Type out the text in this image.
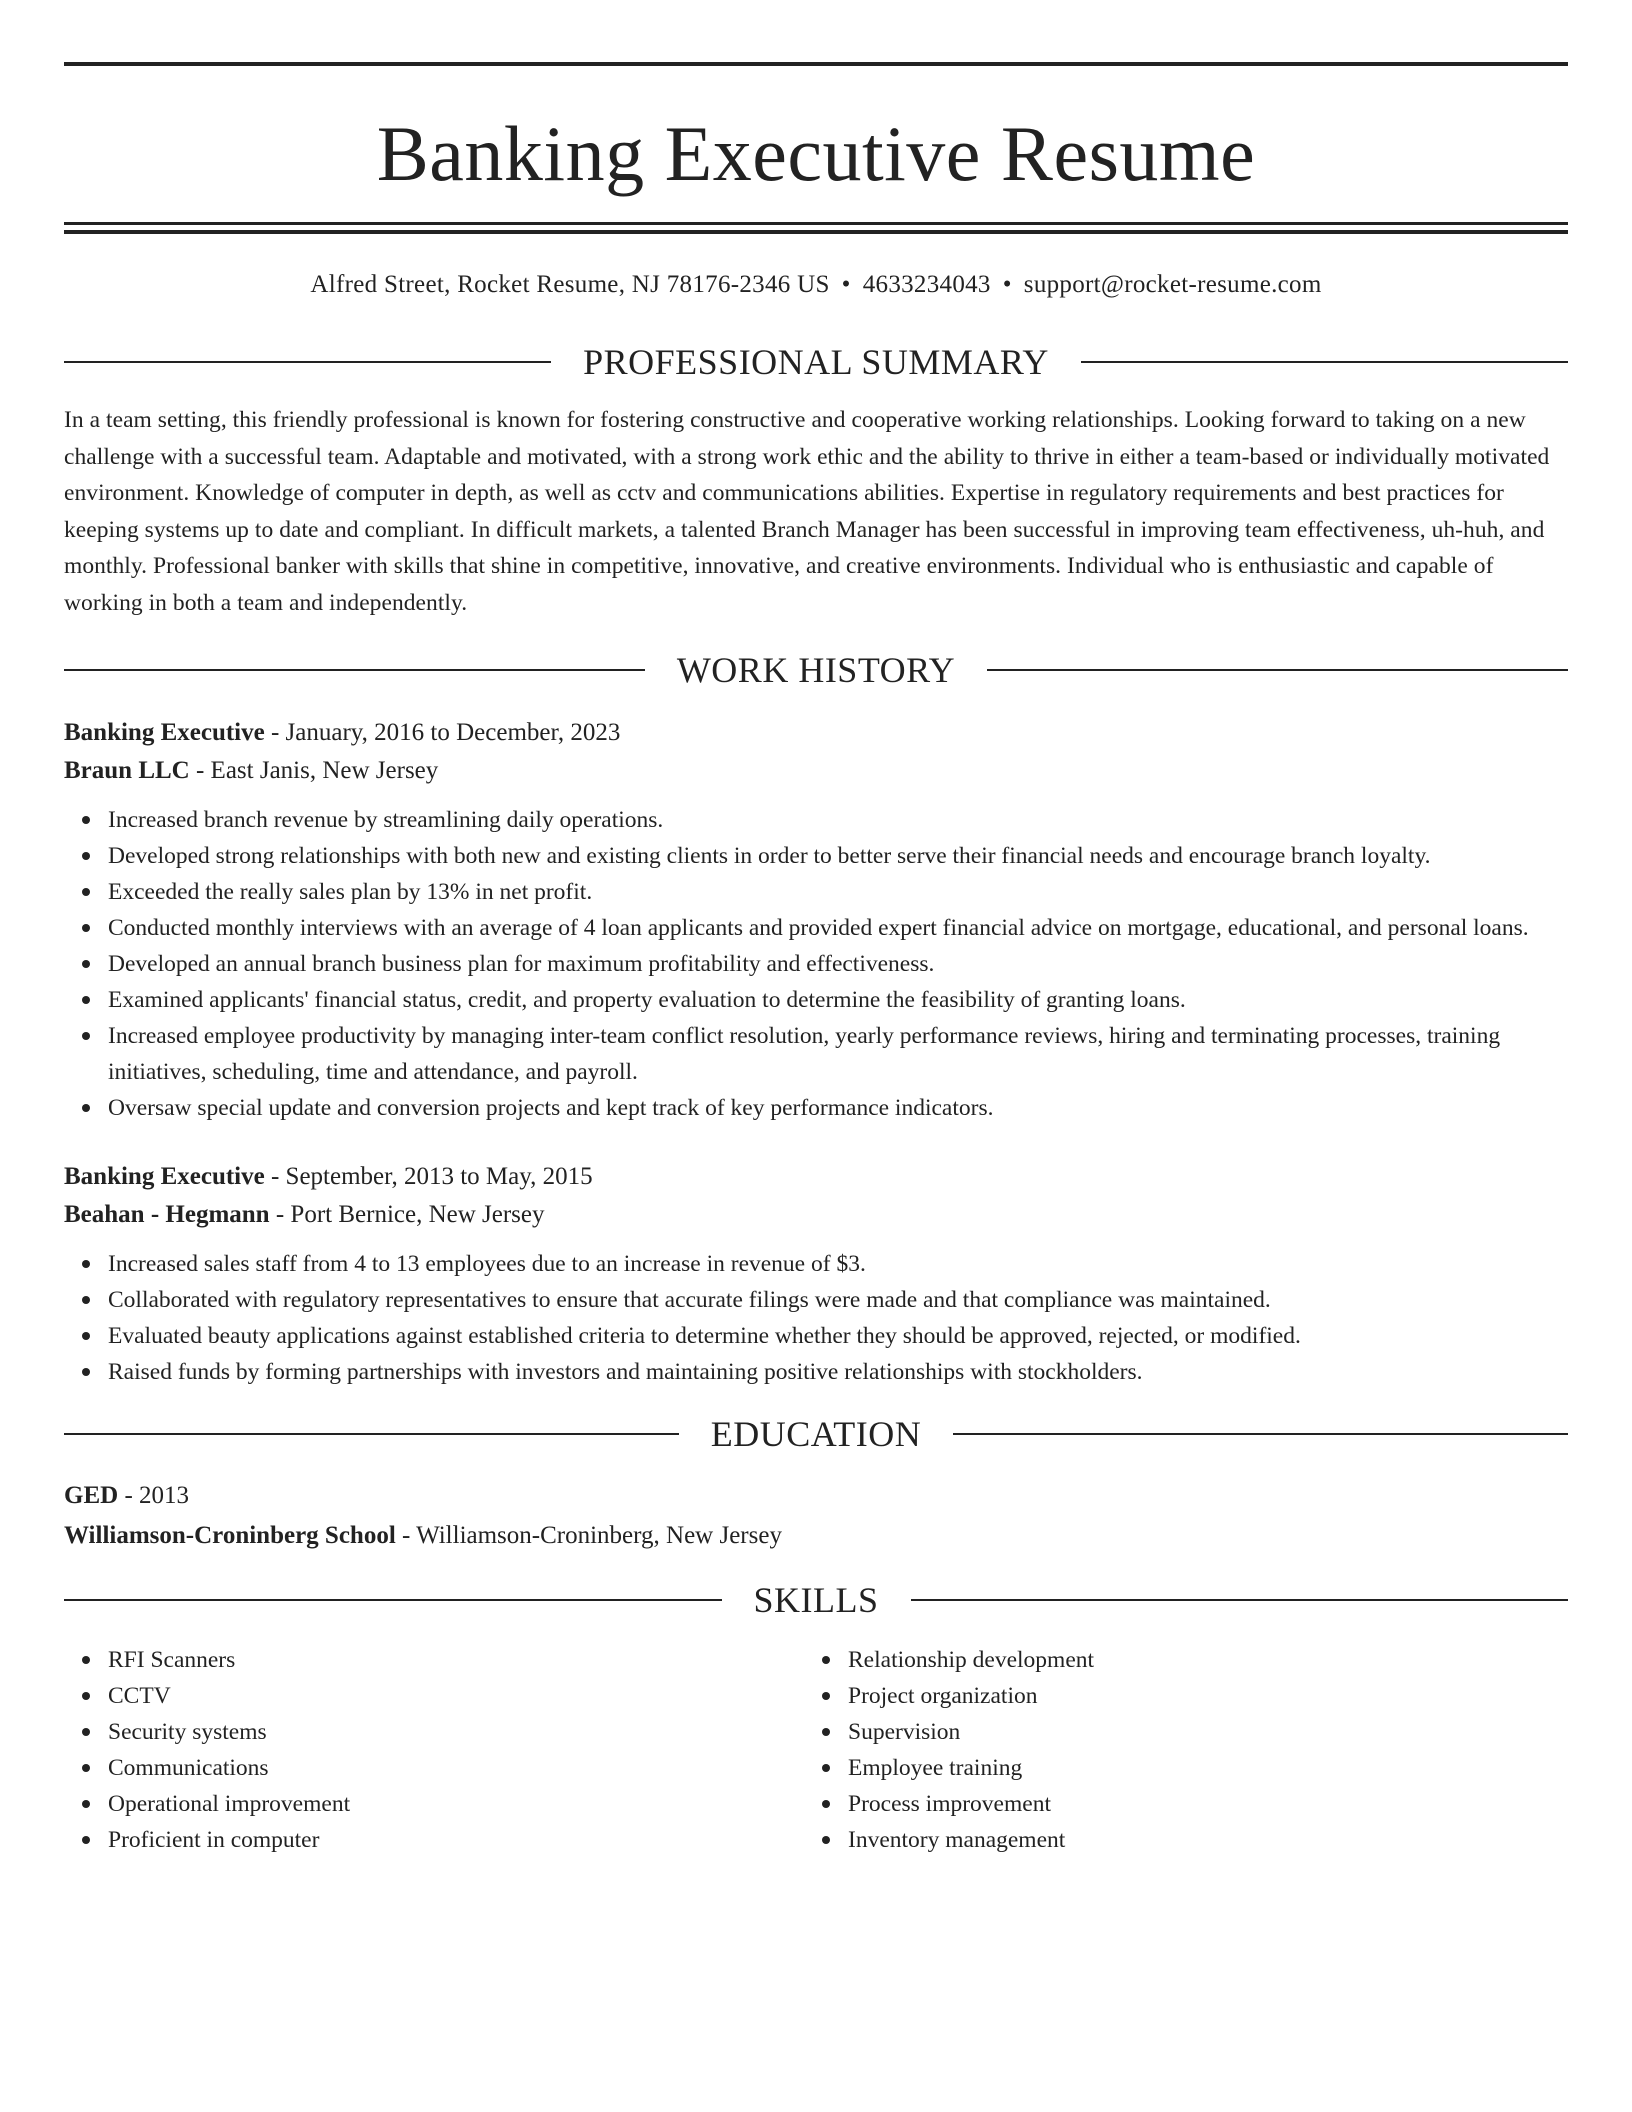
Banking Executive Resume
Alfred Street, Rocket Resume, NJ 78176-2346 US • 4633234043 • support@rocket-resume.com
PROFESSIONAL SUMMARY

In a team setting, this friendly professional is known for fostering constructive and cooperative working relationships. Looking forward to taking on a new challenge with a successful team. Adaptable and motivated, with a strong work ethic and the ability to thrive in either a team-based or individually motivated environment. Knowledge of computer in depth, as well as cctv and communications abilities. Expertise in regulatory requirements and best practices for keeping systems up to date and compliant. In difficult markets, a talented Branch Manager has been successful in improving team effectiveness, uh-huh, and monthly. Professional banker with skills that shine in competitive, innovative, and creative environments. Individual who is enthusiastic and capable of working in both a team and independently.

WORK HISTORY
Banking Executive - January, 2016 to December, 2023
Braun LLC - East Janis, New Jersey
Increased branch revenue by streamlining daily operations.
Developed strong relationships with both new and existing clients in order to better serve their financial needs and encourage branch loyalty.
Exceeded the really sales plan by 13% in net profit.
Conducted monthly interviews with an average of 4 loan applicants and provided expert financial advice on mortgage, educational, and personal loans.
Developed an annual branch business plan for maximum profitability and effectiveness.
Examined applicants' financial status, credit, and property evaluation to determine the feasibility of granting loans.
Increased employee productivity by managing inter-team conflict resolution, yearly performance reviews, hiring and terminating processes, training initiatives, scheduling, time and attendance, and payroll.
Oversaw special update and conversion projects and kept track of key performance indicators.
Banking Executive - September, 2013 to May, 2015
Beahan - Hegmann - Port Bernice, New Jersey
Increased sales staff from 4 to 13 employees due to an increase in revenue of $3.
Collaborated with regulatory representatives to ensure that accurate filings were made and that compliance was maintained.
Evaluated beauty applications against established criteria to determine whether they should be approved, rejected, or modified.
Raised funds by forming partnerships with investors and maintaining positive relationships with stockholders.
EDUCATION
GED - 2013
Williamson-Croninberg School - Williamson-Croninberg, New Jersey
SKILLS
RFI Scanners
CCTV
Security systems
Communications
Operational improvement
Proficient in computer
Relationship development
Project organization
Supervision
Employee training
Process improvement
Inventory management
